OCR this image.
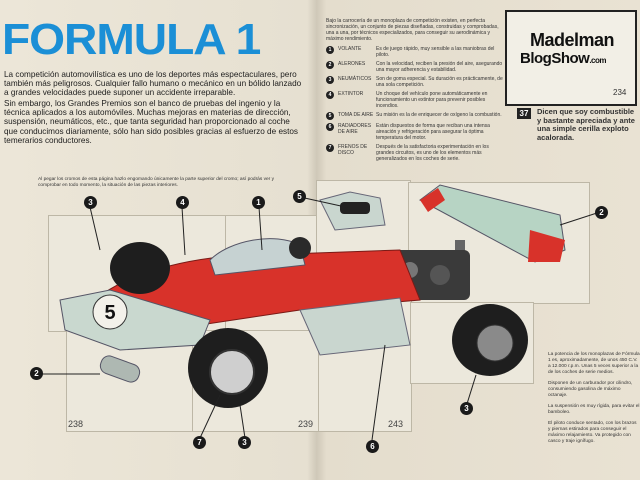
FORMULA 1
La competición automovilística es uno de los deportes más espectaculares, pero también más peligrosos. Cualquier fallo humano o mecánico en un bólido lanzado a grandes velocidades puede suponer un accidente irreparable.
Sin embargo, los Grandes Premios son el banco de pruebas del ingenio y la técnica aplicados a los automóviles. Muchas mejoras en materias de dirección, suspensión, neumáticos, etc., que tanta seguridad han proporcionado al coche que conducimos diariamente, sólo han sido posibles gracias al esfuerzo de estos temerarios conductores.
Bajo la carrocería de un monoplaza de competición existen, en perfecta sincronización, un conjunto de piezas diseñadas, construidas y comprobadas, una a una, por técnicos especializados, para conseguir su aerodinámica y máximo rendimiento.
1	VOLANTE	Es de juego rápido, muy sensible a las maniobras del piloto.
2	ALERONES	Con la velocidad, reciben la presión del aire, asegurando una mayor adherencia y estabilidad.
3	NEUMÁTICOS Son de goma especial. Su duración es prácticamente, de una sola competición.
4	EXTINTOR	Un choque del vehículo pone automáticamente en funcionamiento un extintor para prevenir posibles incendios.
5	TOMA DE AIRE Su misión es la de enriquecer de oxígeno la combustión.
6	RADIADORES DE AIRE
Están dispuestos de forma que reciban una intensa aireación y refrigeración para asegurar la óptima temperatura del motor.
7	FRENOS DE DISCO
Después de la satisfactoria experimentación en los grandes circuitos, es uno de los elementos más generalizados en los coches de serie.
Madelman
BlogShow.com
234
37	Dicen que soy combustible y bastante apreciada y ante una simple cerilla exploto acalorada.
Al pegar los cromos de esta página hazlo engomando únicamente la parte superior del cromo; así podrás ver y comprobar en todo momento, la situación de las piezas interiores.
5
3	4	1
5
2
2
7	3	6
3
238	239	243

La potencia de los monoplazas de Fórmula 1 es, aproximadamente, de unos 450 C.V. a 12.000 r.p.m. Unas 5 veces superior a la de los coches de serie medios.

Disponen de un carburador por cilindro, consumiendo gasolina de máximo octanaje.

La suspensión es muy rígida, para evitar el bamboleo.

El piloto conduce sentado, con los brazos y piernas estirados para conseguir el máximo relajamiento. Va protegido con casco y traje ignífugo.
